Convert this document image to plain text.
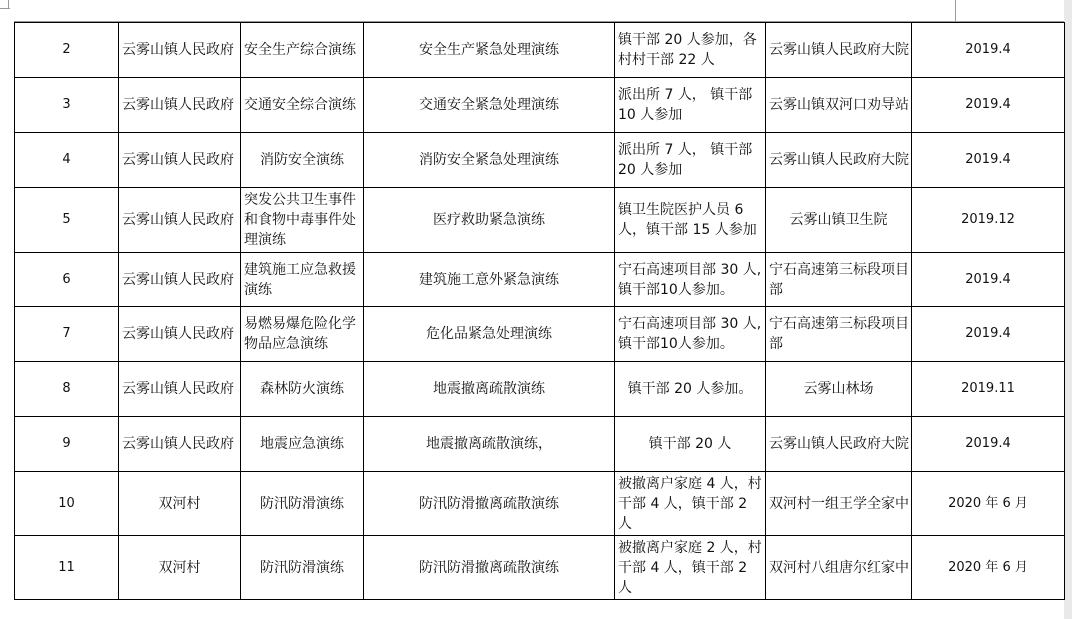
2	云雾山镇人民政府	安全生产综合演练	安全生产紧急处理演练	镇干部 20 人参加，各村村干部 22 人	云雾山镇人民政府大院	2019.4
3	云雾山镇人民政府	交通安全综合演练	交通安全紧急处理演练	派出所 7 人， 镇干部 10 人参加	云雾山镇双河口劝导站	2019.4
4	云雾山镇人民政府	消防安全演练	消防安全紧急处理演练	派出所 7 人， 镇干部 20 人参加	云雾山镇人民政府大院	2019.4
5	云雾山镇人民政府	突发公共卫生事件和食物中毒事件处理演练	医疗救助紧急演练	镇卫生院医护人员 6 人，镇干部 15 人参加	云雾山镇卫生院	2019.12
6	云雾山镇人民政府	建筑施工应急救援演练	建筑施工意外紧急演练	宁石高速项目部 30 人,镇干部10人参加。	宁石高速第三标段项目部	2019.4
7	云雾山镇人民政府	易燃易爆危险化学物品应急演练	危化品紧急处理演练	宁石高速项目部 30 人,镇干部10人参加。	宁石高速第三标段项目部	2019.4
8	云雾山镇人民政府	森林防火演练	地震撤离疏散演练	镇干部 20 人参加。	云雾山林场	2019.11
9	云雾山镇人民政府	地震应急演练	地震撤离疏散演练，	镇干部 20 人	云雾山镇人民政府大院	2019.4
10	双河村	防汛防滑演练	防汛防滑撤离疏散演练	被撤离户家庭 4 人，村干部 4 人，镇干部 2 人	双河村一组王学全家中	2020 年 6 月
11	双河村	防汛防滑演练	防汛防滑撤离疏散演练	被撤离户家庭 2 人，村干部 4 人，镇干部 2 人	双河村八组唐尔红家中	2020 年 6 月
